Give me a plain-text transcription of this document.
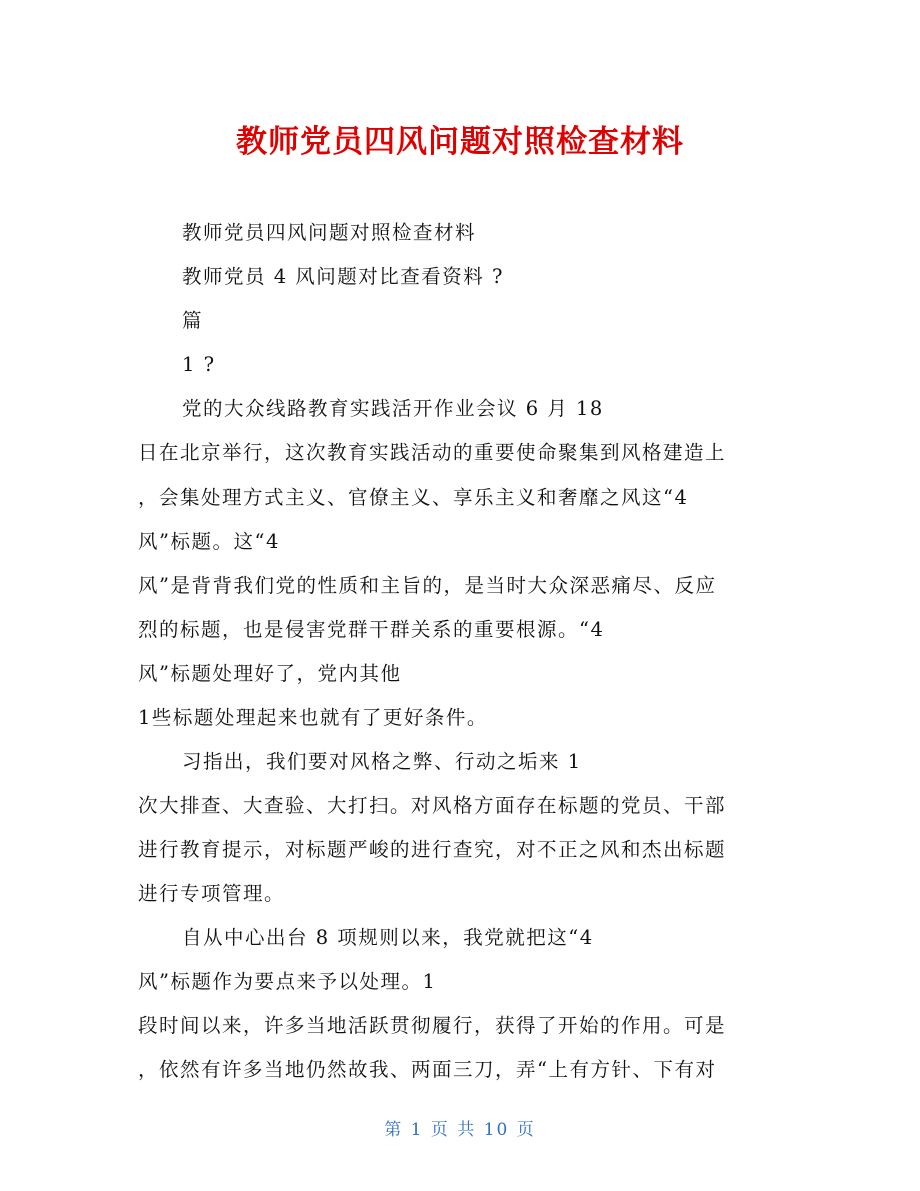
教师党员四风问题对照检查材料
教师党员四风问题对照检查材料
教师党员 4 风问题对比查看资料 ?
篇
1 ?
党的大众线路教育实践活开作业会议 6 月 18
日在北京举行，这次教育实践活动的重要使命聚集到风格建造上
，会集处理方式主义、官僚主义、享乐主义和奢靡之风这“4
风”标题。这“4
风”是背背我们党的性质和主旨的，是当时大众深恶痛尽、反应
烈的标题，也是侵害党群干群关系的重要根源。“4
风”标题处理好了，党内其他
1些标题处理起来也就有了更好条件。
习指出，我们要对风格之弊、行动之垢来 1
次大排查、大查验、大打扫。对风格方面存在标题的党员、干部
进行教育提示，对标题严峻的进行查究，对不正之风和杰出标题
进行专项管理。
自从中心出台 8 项规则以来，我党就把这“4
风”标题作为要点来予以处理。1
段时间以来，许多当地活跃贯彻履行，获得了开始的作用。可是
，依然有许多当地仍然故我、两面三刀，弄“上有方针、下有对
第 1 页 共 10 页
